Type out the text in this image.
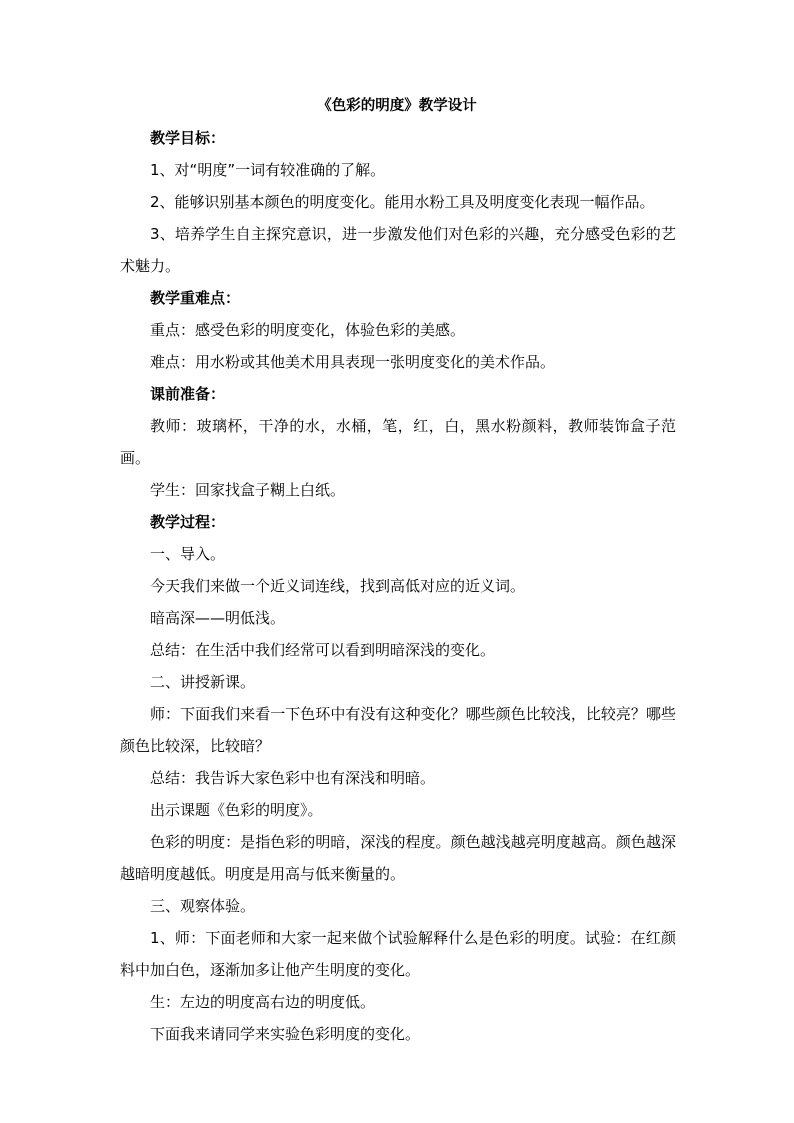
《色彩的明度》教学设计

教学目标：

1、对“明度”一词有较准确的了解。

2、能够识别基本颜色的明度变化。能用水粉工具及明度变化表现一幅作品。

3、培养学生自主探究意识，进一步激发他们对色彩的兴趣，充分感受色彩的艺术魅力。

教学重难点：

重点：感受色彩的明度变化，体验色彩的美感。

难点：用水粉或其他美术用具表现一张明度变化的美术作品。

课前准备：

教师：玻璃杯，干净的水，水桶，笔，红，白，黑水粉颜料，教师装饰盒子范画。

学生：回家找盒子糊上白纸。

教学过程：

一、导入。

今天我们来做一个近义词连线，找到高低对应的近义词。

暗高深——明低浅。

总结：在生活中我们经常可以看到明暗深浅的变化。

二、讲授新课。

师：下面我们来看一下色环中有没有这种变化？哪些颜色比较浅，比较亮？哪些颜色比较深，比较暗？

总结：我告诉大家色彩中也有深浅和明暗。

出示课题《色彩的明度》。

色彩的明度：是指色彩的明暗，深浅的程度。颜色越浅越亮明度越高。颜色越深越暗明度越低。明度是用高与低来衡量的。

三、观察体验。

1、师：下面老师和大家一起来做个试验解释什么是色彩的明度。试验：在红颜料中加白色，逐渐加多让他产生明度的变化。

生：左边的明度高右边的明度低。

下面我来请同学来实验色彩明度的变化。
